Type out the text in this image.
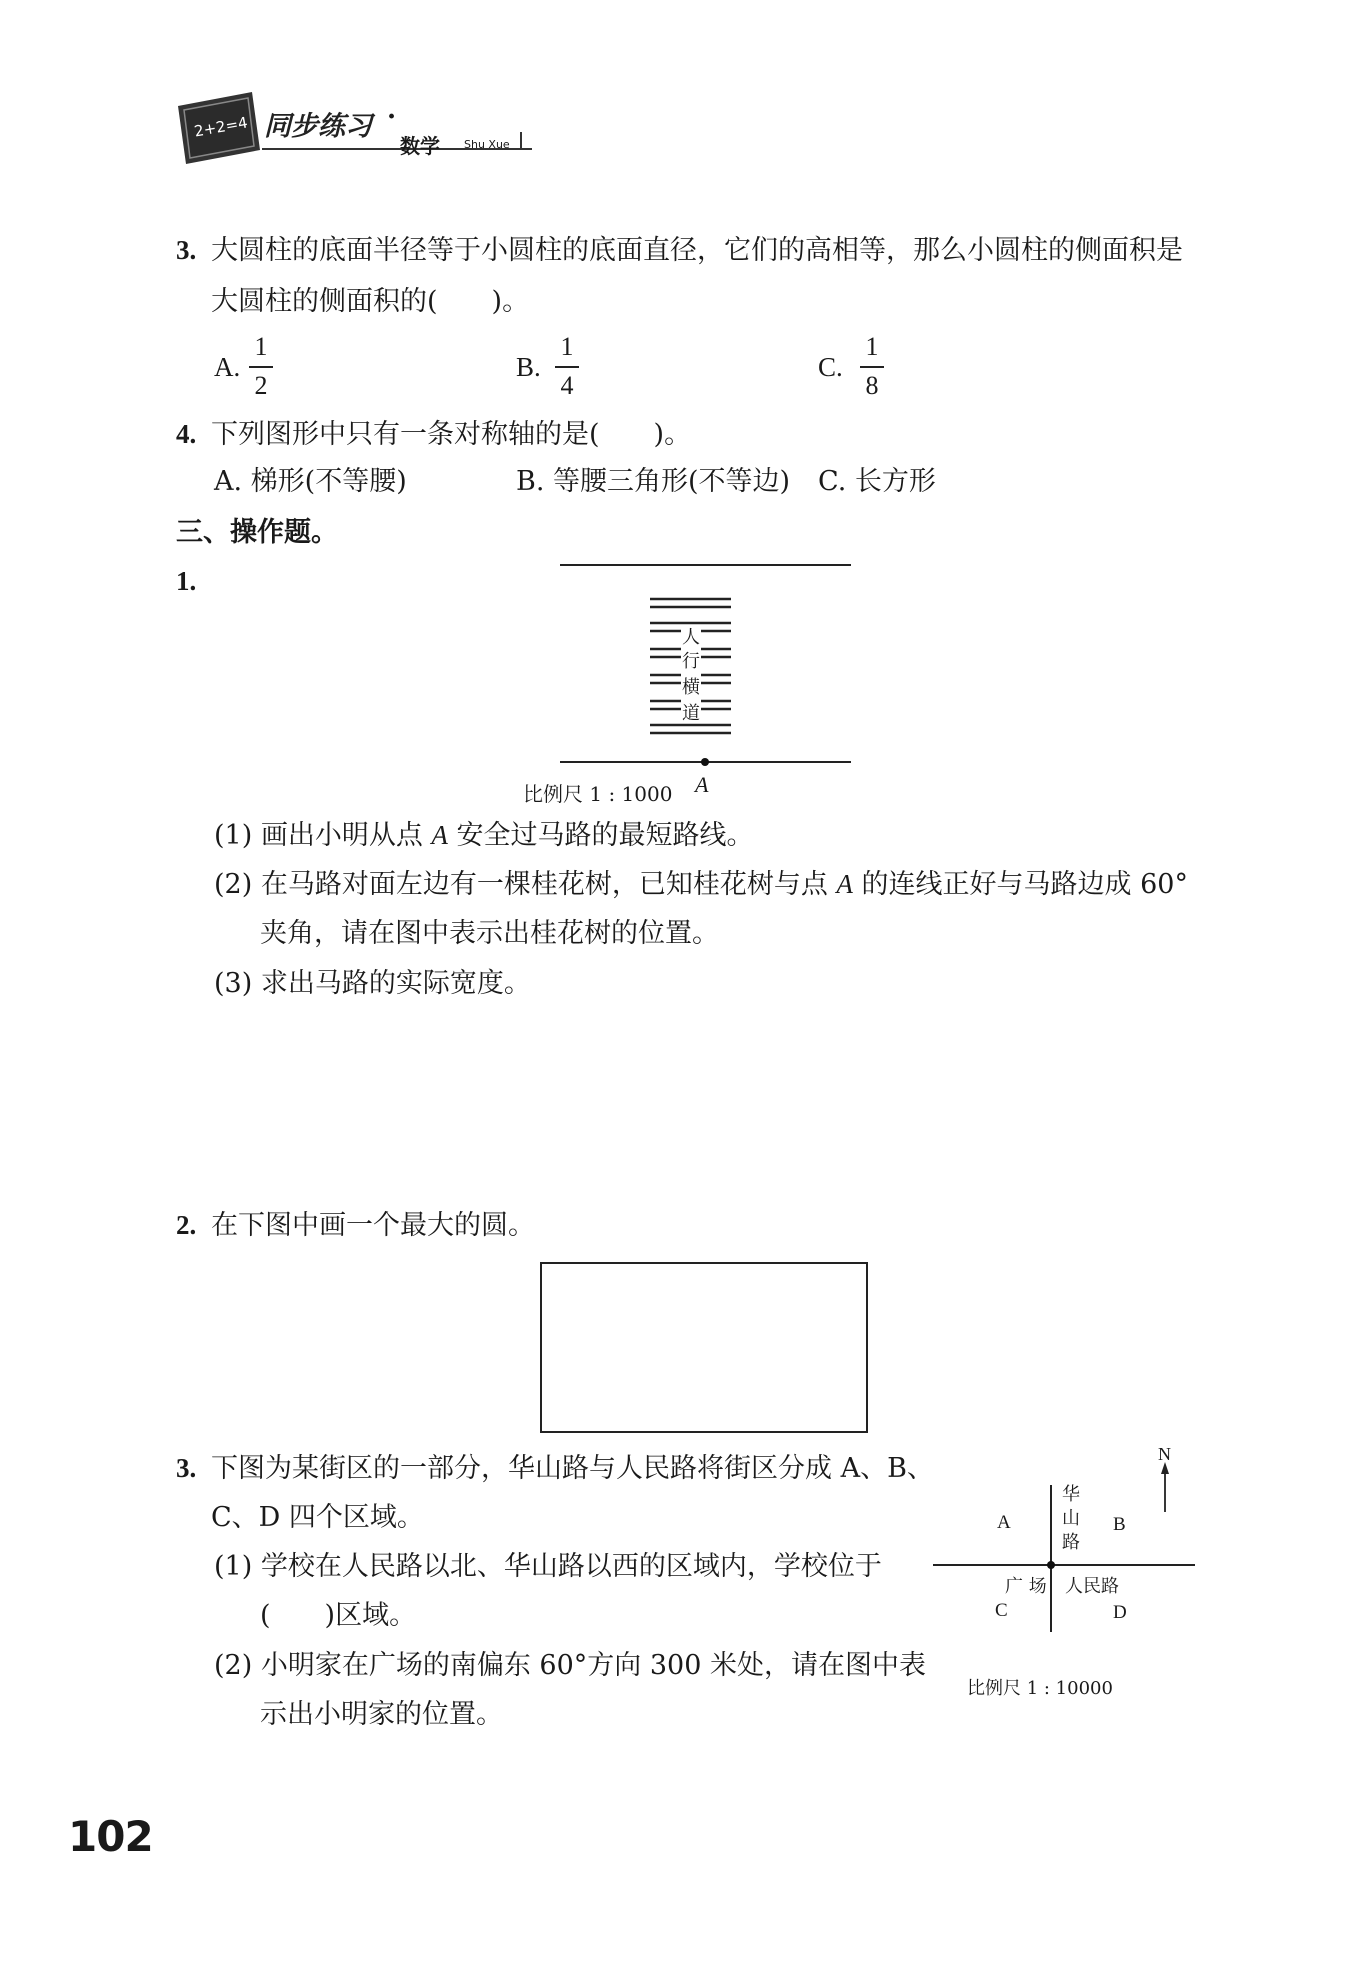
2+2=4 同步练习 ·
数学 Shu Xue
3. 大圆柱的底面半径等于小圆柱的底面直径，它们的高相等，那么小圆柱的侧面积是
大圆柱的侧面积的(　　)。
A.
1
2
B.
1
4
C.
1
8
4. 下列图形中只有一条对称轴的是(　　)。
A. 梯形(不等腰)	B. 等腰三角形(不等边) C. 长方形
三、操作题。
1.
人
行
横
道
比例尺 1 : 1000 A
(1) 画出小明从点 A 安全过马路的最短路线。
(2) 在马路对面左边有一棵桂花树，已知桂花树与点 A 的连线正好与马路边成 60°
夹角，请在图中表示出桂花树的位置。
(3) 求出马路的实际宽度。
2. 在下图中画一个最大的圆。
3. 下图为某街区的一部分，华山路与人民路将街区分成 A、B、
C、D 四个区域。
(1) 学校在人民路以北、华山路以西的区域内，学校位于
(　　)区域。
(2) 小明家在广场的南偏东 60°方向 300 米处，请在图中表
示出小明家的位置。
N
华
山
路
A	B
广 场 人民路
C	D
比例尺 1 : 10000
102
